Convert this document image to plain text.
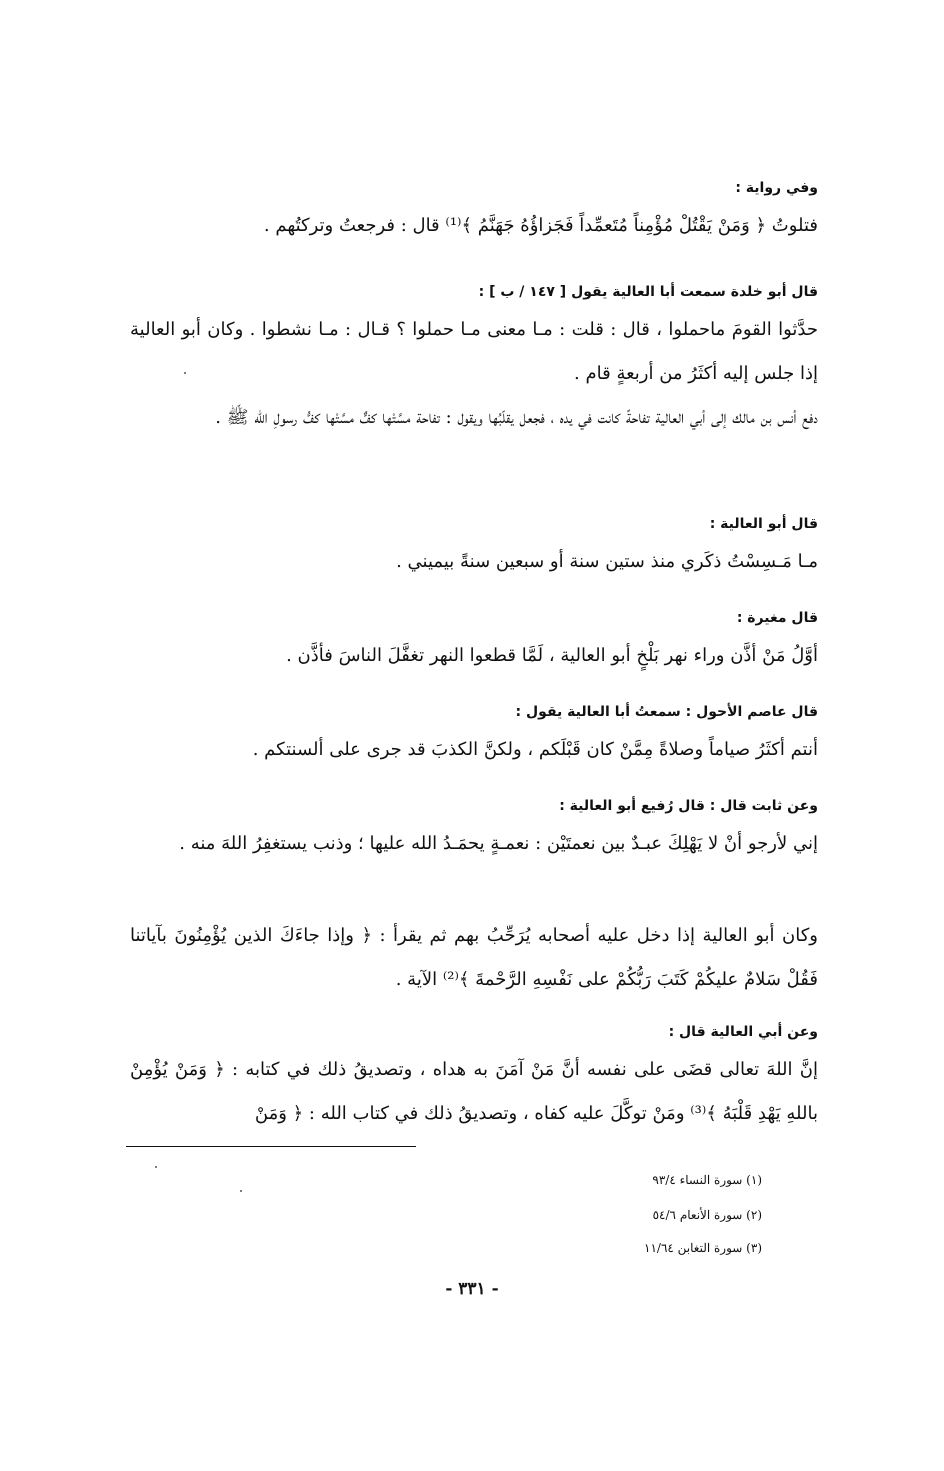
وفي رواية :
فتلوتُ ﴿ وَمَنْ يَقْتُلْ مُؤْمِناً مُتَعمِّداً فَجَزاؤُهُ جَهَنَّمُ ﴾⁽¹⁾ قال : فرجعتُ وتركتُهم .
قال أبو خلدة سمعت أبا العالية يقول [ ١٤٧ / ب ] :
حدَّثوا القومَ ماحملوا ، قال : قلت : مـا معنى مـا حملوا ؟ قـال : مـا نشطوا . وكان أبو العالية إذا جلس إليه أكثَرُ من أربعةٍ قام .
دفع أنس بن مالك إلى أبي العالية تفاحةً كانت في يده ، فجعل يقلّبُها ويقول : تفاحة مسَّتْها كفٌّ مسَّتْها كفُّ رسولِ الله ﷺ .
قال أبو العالية :
مـا مَـسِسْتُ ذكَري منذ ستين سنة أو سبعين سنةً بيميني .
قال مغيرة :
أوَّلُ مَنْ أذَّن وراء نهر بَلْخٍ أبو العالية ، لَمَّا قطعوا النهر تغفَّلَ الناسَ فأذَّن .
قال عاصم الأحول : سمعتُ أبا العالية يقول :
أنتم أكثَرُ صياماً وصلاةً مِمَّنْ كان قَبْلَكم ، ولكنَّ الكذبَ قد جرى على ألسنتكم .
وعن ثابت قال : قال رُفيع أبو العالية :
إني لأرجو أنْ لا يَهْلِكَ عبـدٌ بين نعمتَيْن : نعمـةٍ يحمَـدُ الله عليها ؛ وذنب يستغفِرُ اللهَ منه .
وكان أبو العالية إذا دخل عليه أصحابه يُرَحِّبُ بهم ثم يقرأ : ﴿ وإذا جاءَكَ الذين يُؤْمِنُونَ بآياتنا فَقُلْ سَلامٌ عليكُمْ كَتَبَ رَبُّكُمْ على نَفْسِهِ الرَّحْمةَ ﴾⁽²⁾ الآية .
وعن أبي العالية قال :
إنَّ اللهَ تعالى قضَى على نفسه أنَّ مَنْ آمَنَ به هداه ، وتصديقُ ذلك في كتابه : ﴿ وَمَنْ يُؤْمِنْ باللهِ يَهْدِ قَلْبَهُ ﴾⁽³⁾ ومَنْ توكَّلَ عليه كفاه ، وتصديقُ ذلك في كتاب الله : ﴿ وَمَنْ
(١) سورة النساء ٩٣/٤
(٢) سورة الأنعام ٥٤/٦
(٣) سورة التغابن ١١/٦٤
- ٣٣١ -
